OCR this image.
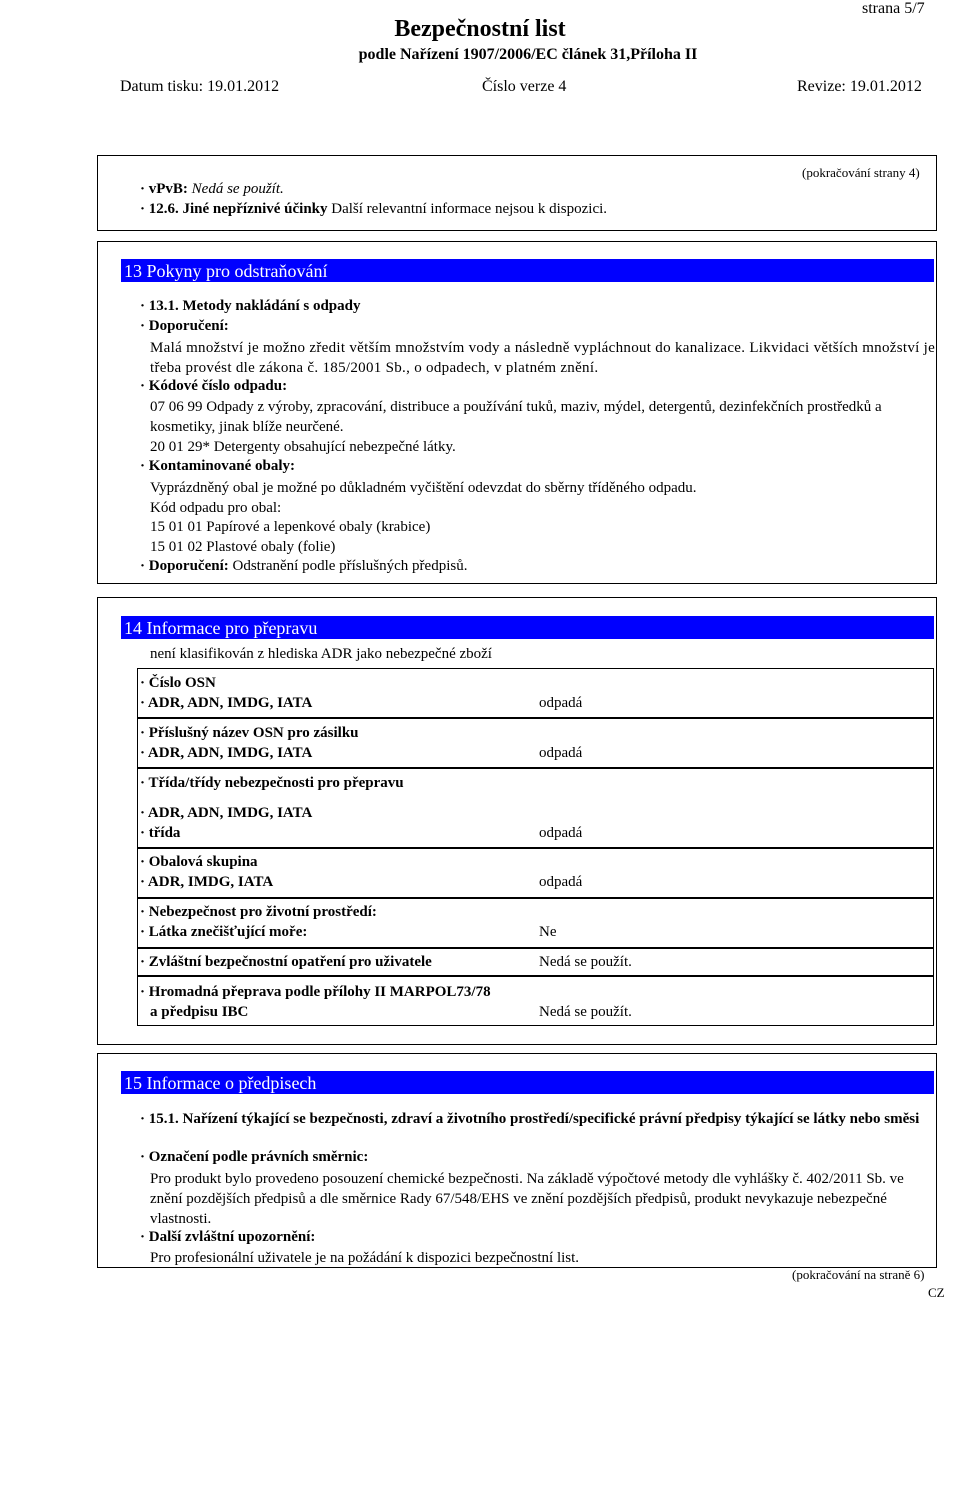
strana 5/7
Bezpečnostní list
podle Nařízení 1907/2006/EC článek 31,Příloha II
Datum tisku: 19.01.2012	Číslo verze 4	Revize: 19.01.2012
(pokračování strany 4)
· vPvB: Nedá se použít.
· 12.6. Jiné nepříznivé účinky Další relevantní informace nejsou k dispozici.
13 Pokyny pro odstraňování
· 13.1. Metody nakládání s odpady
· Doporučení:
Malá množství je možno zředit větším množstvím vody a následně vypláchnout do kanalizace. Likvidaci větších množství je třeba provést dle zákona č. 185/2001 Sb., o odpadech, v platném znění.
· Kódové číslo odpadu:
07 06 99 Odpady z výroby, zpracování, distribuce a používání tuků, maziv, mýdel, detergentů, dezinfekčních prostředků a kosmetiky, jinak blíže neurčené.
20 01 29* Detergenty obsahující nebezpečné látky.
· Kontaminované obaly:
Vyprázdněný obal je možné po důkladném vyčištění odevzdat do sběrny tříděného odpadu.
Kód odpadu pro obal:
15 01 01 Papírové a lepenkové obaly (krabice)
15 01 02 Plastové obaly (folie)
· Doporučení: Odstranění podle příslušných předpisů.
14 Informace pro přepravu
není klasifikován z hlediska ADR jako nebezpečné zboží
· Číslo OSN
· ADR, ADN, IMDG, IATA	odpadá
· Příslušný název OSN pro zásilku
· ADR, ADN, IMDG, IATA	odpadá
· Třída/třídy nebezpečnosti pro přepravu
· ADR, ADN, IMDG, IATA
· třída	odpadá
· Obalová skupina
· ADR, IMDG, IATA	odpadá
· Nebezpečnost pro životní prostředí:
· Látka znečišťující moře:	Ne
· Zvláštní bezpečnostní opatření pro uživatele	Nedá se použít.
· Hromadná přeprava podle přílohy II MARPOL73/78
a předpisu IBC	Nedá se použít.
15 Informace o předpisech
· 15.1. Nařízení týkající se bezpečnosti, zdraví a životního prostředí/specifické právní předpisy týkající se látky nebo směsi
· Označení podle právních směrnic:
Pro produkt bylo provedeno posouzení chemické bezpečnosti. Na základě výpočtové metody dle vyhlášky č. 402/2011 Sb. ve znění pozdějších předpisů a dle směrnice Rady 67/548/EHS ve znění pozdějších předpisů, produkt nevykazuje nebezpečné vlastnosti.
· Další zvláštní upozornění:
Pro profesionální uživatele je na požádání k dispozici bezpečnostní list.
(pokračování na straně 6)
CZ
